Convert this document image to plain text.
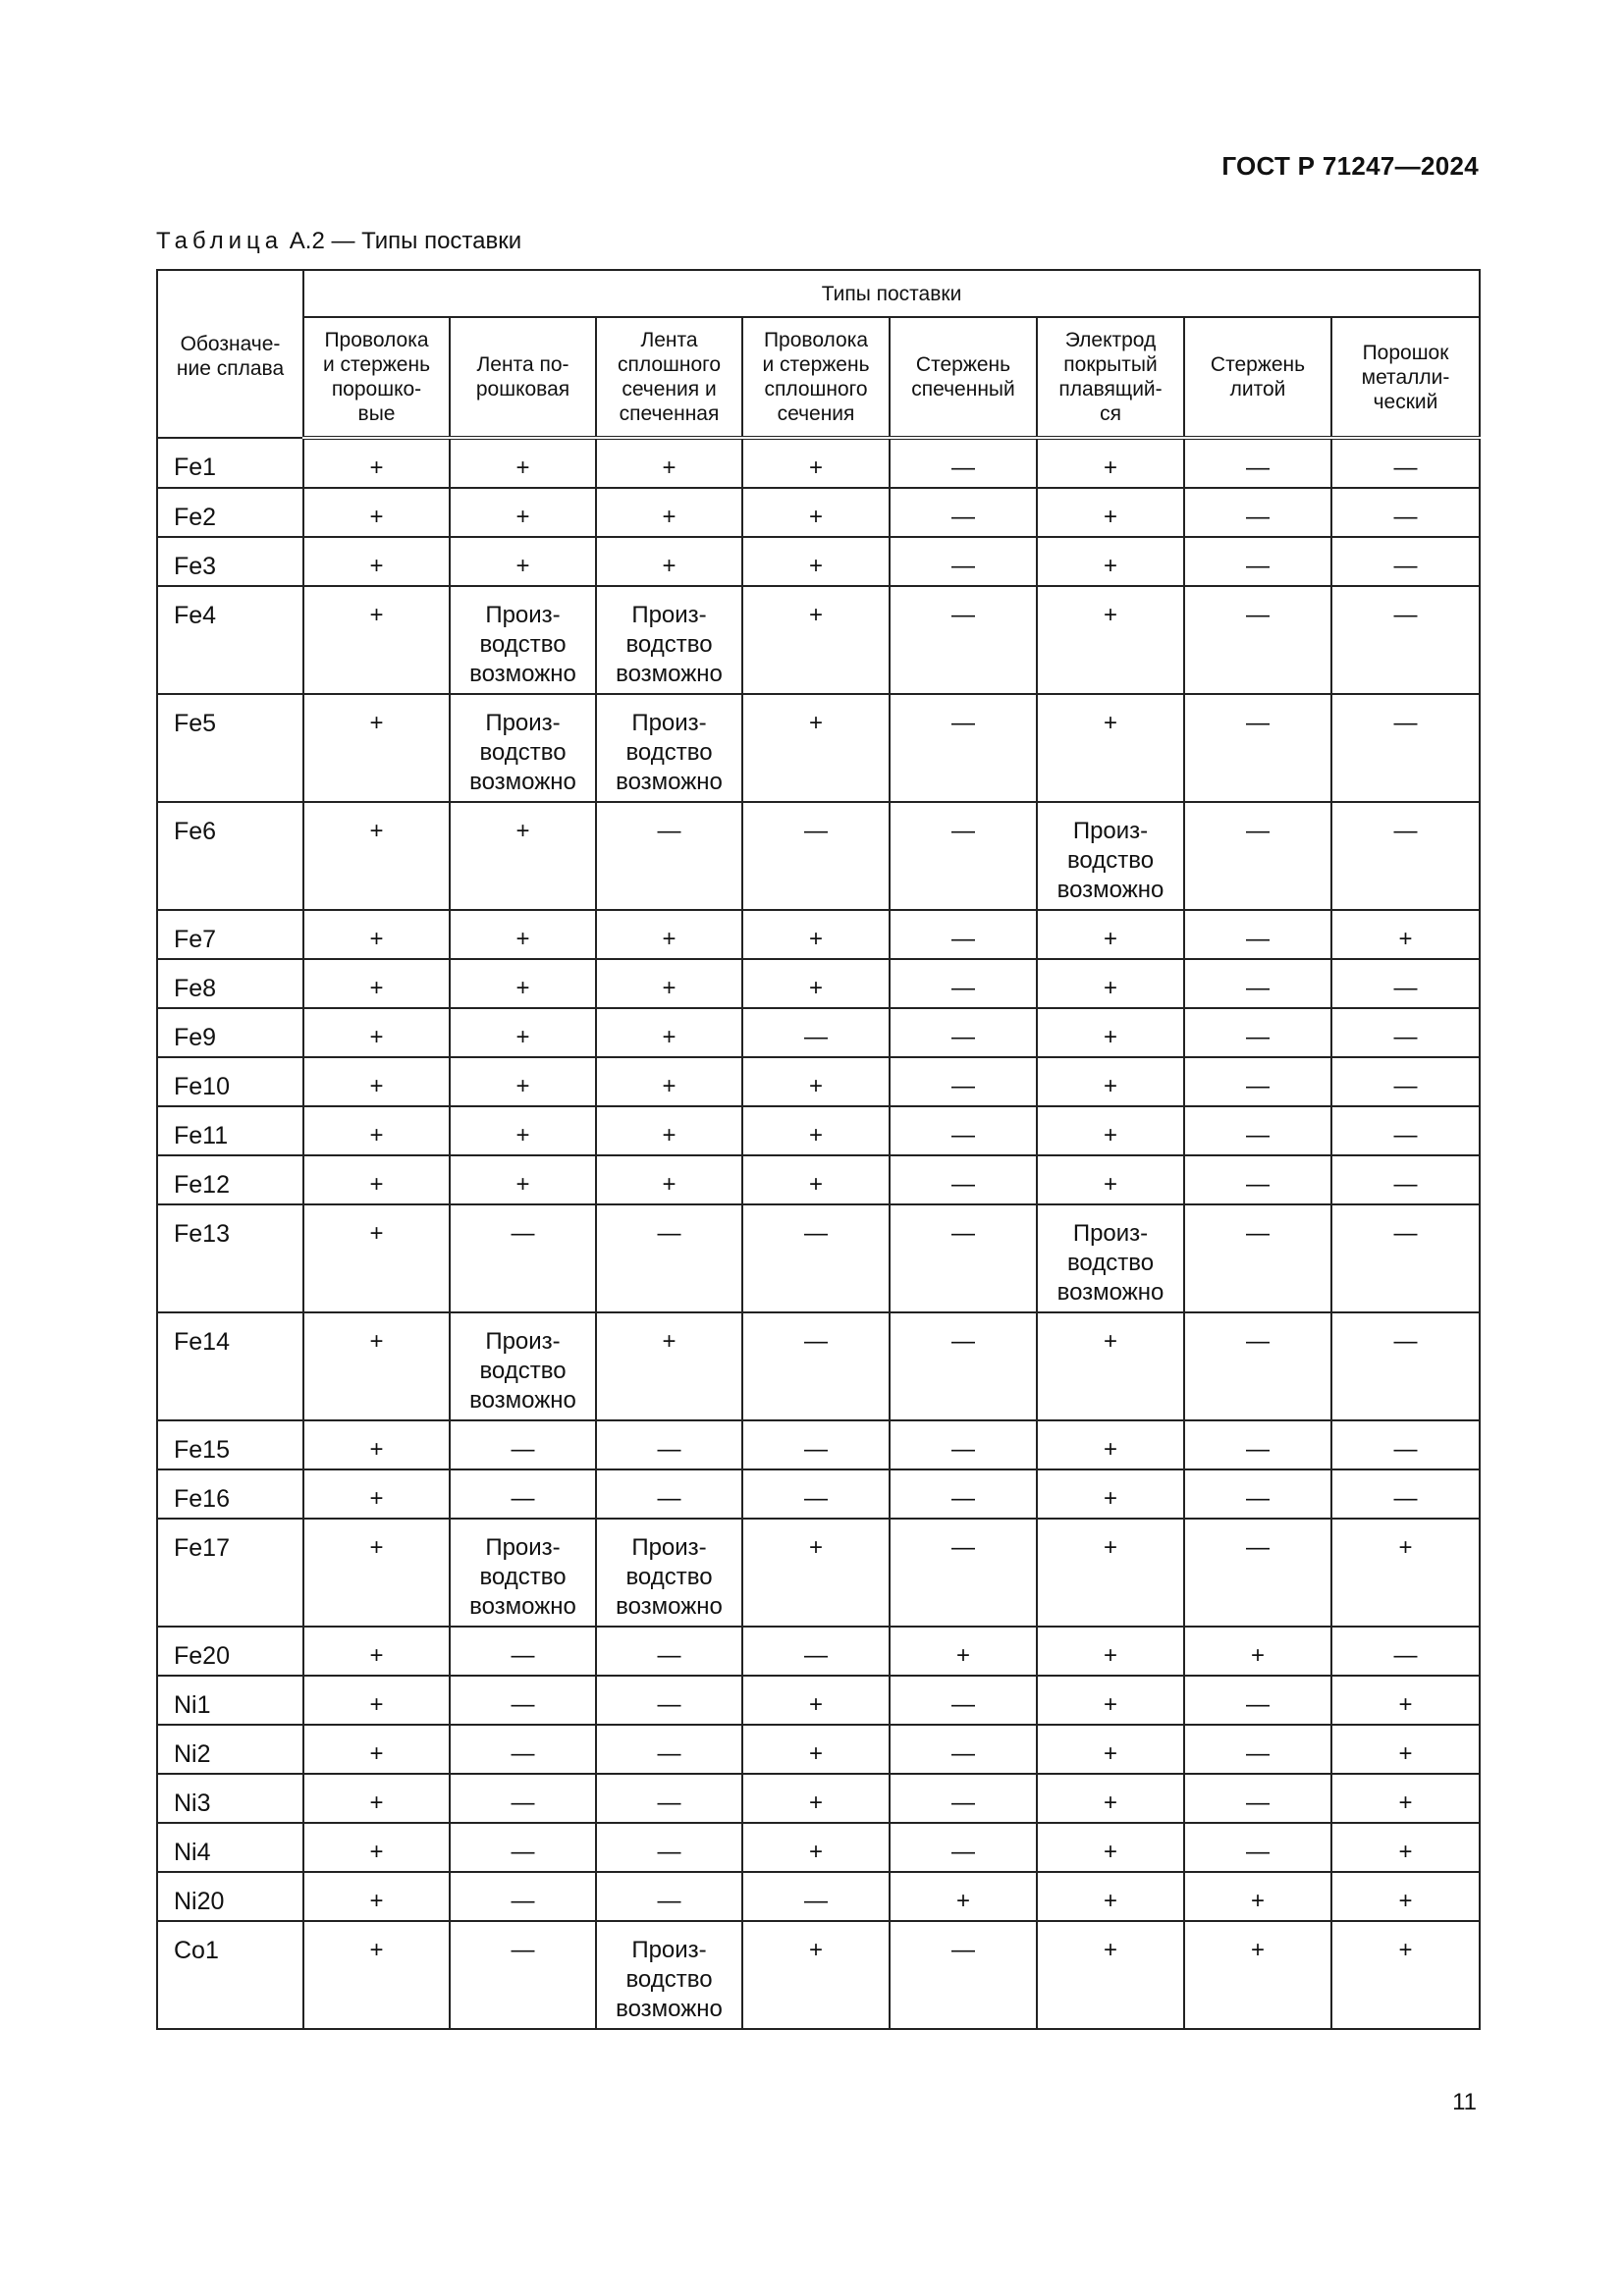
ГОСТ Р 71247—2024
Таблица А.2 — Типы поставки
Обозначе-
ние сплава	Типы поставки							
	Проволока
и стержень
порошко-
вые	Лента по-
рошковая	Лента
сплошного
сечения и
спеченная	Проволока
и стержень
сплошного
сечения	Стержень
спеченный	Электрод
покрытый
плавящий-
ся	Стержень
литой	Порошок
металли-
ческий
Fe1	+	+	+	+	—	+	—	—
Fe2	+	+	+	+	—	+	—	—
Fe3	+	+	+	+	—	+	—	—
Fe4	+	Произ-
водство
возможно	Произ-
водство
возможно	+	—	+	—	—
Fe5	+	Произ-
водство
возможно	Произ-
водство
возможно	+	—	+	—	—
Fe6	+	+	—	—	—	Произ-
водство
возможно	—	—
Fe7	+	+	+	+	—	+	—	+
Fe8	+	+	+	+	—	+	—	—
Fe9	+	+	+	—	—	+	—	—
Fe10	+	+	+	+	—	+	—	—
Fe11	+	+	+	+	—	+	—	—
Fe12	+	+	+	+	—	+	—	—
Fe13	+	—	—	—	—	Произ-
водство
возможно	—	—
Fe14	+	Произ-
водство
возможно	+	—	—	+	—	—
Fe15	+	—	—	—	—	+	—	—
Fe16	+	—	—	—	—	+	—	—
Fe17	+	Произ-
водство
возможно	Произ-
водство
возможно	+	—	+	—	+
Fe20	+	—	—	—	+	+	+	—
Ni1	+	—	—	+	—	+	—	+
Ni2	+	—	—	+	—	+	—	+
Ni3	+	—	—	+	—	+	—	+
Ni4	+	—	—	+	—	+	—	+
Ni20	+	—	—	—	+	+	+	+
Co1	+	—	Произ-
водство
возможно	+	—	+	+	+
11
